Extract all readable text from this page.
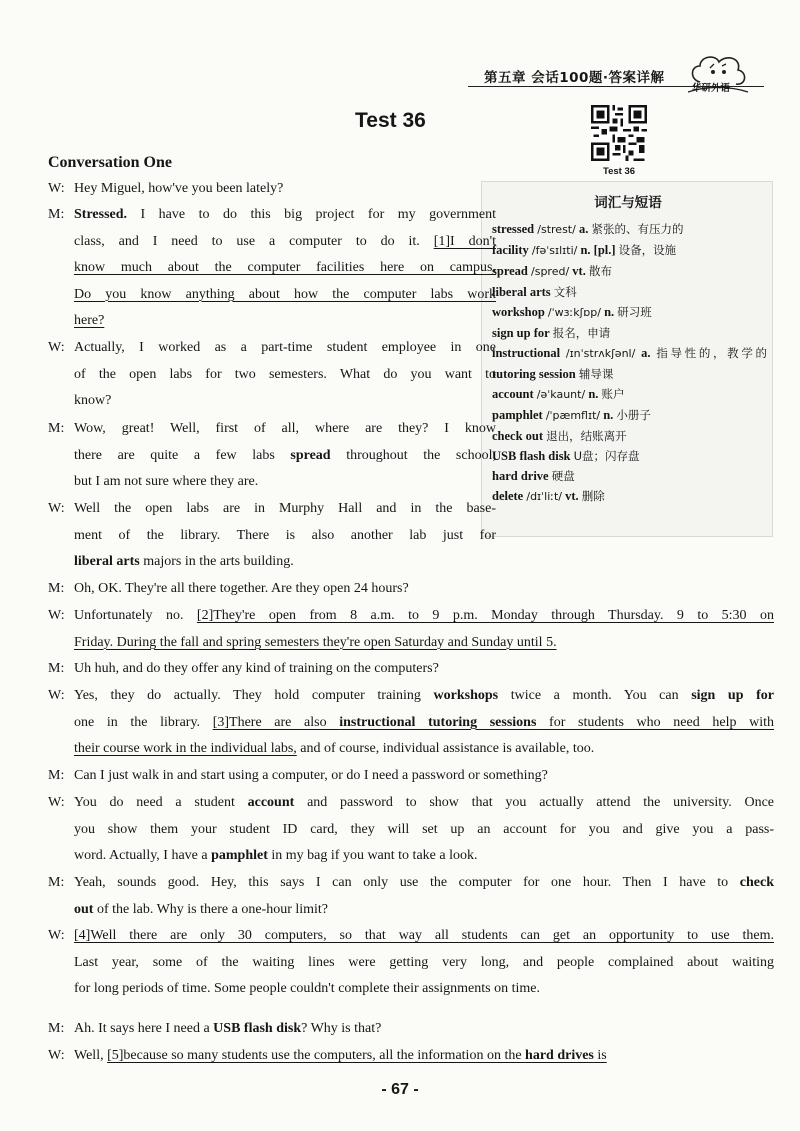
第五章 会话100题·答案详解
华研外语
Test 36
Test 36
Conversation One
词汇与短语
stressed /strest/ a. 紧张的、有压力的
facility /fəˈsɪlɪti/ n. [pl.] 设备，设施
spread /spred/ vt. 散布
liberal arts 文科
workshop /ˈwɜːkʃɒp/ n. 研习班
sign up for 报名，申请
instructional /ɪnˈstrʌkʃənl/ a. 指导性的，教学的
tutoring session 辅导课
account /əˈkaunt/ n. 账户
pamphlet /ˈpæmflɪt/ n. 小册子
check out 退出，结账离开
USB flash disk U盘；闪存盘
hard drive 硬盘
delete /dɪˈliːt/ vt. 删除
W: Hey Miguel, how've you been lately?
M: Stressed. I have to do this big project for my government
class, and I need to use a computer to do it. [1]I don't
know much about the computer facilities here on campus.
Do you know anything about how the computer labs work
here?
W: Actually, I worked as a part-time student employee in one
of the open labs for two semesters. What do you want to
know?
M: Wow, great! Well, first of all, where are they? I know
there are quite a few labs spread throughout the school,
but I am not sure where they are.
W: Well the open labs are in Murphy Hall and in the base-
ment of the library. There is also another lab just for
liberal arts majors in the arts building.
M: Oh, OK. They're all there together. Are they open 24 hours?
W: Unfortunately no. [2]They're open from 8 a.m. to 9 p.m. Monday through Thursday. 9 to 5:30 on
Friday. During the fall and spring semesters they're open Saturday and Sunday until 5.
M: Uh huh, and do they offer any kind of training on the computers?
W: Yes, they do actually. They hold computer training workshops twice a month. You can sign up for
one in the library. [3]There are also instructional tutoring sessions for students who need help with
their course work in the individual labs, and of course, individual assistance is available, too.
M: Can I just walk in and start using a computer, or do I need a password or something?
W: You do need a student account and password to show that you actually attend the university. Once
you show them your student ID card, they will set up an account for you and give you a pass-
word. Actually, I have a pamphlet in my bag if you want to take a look.
M: Yeah, sounds good. Hey, this says I can only use the computer for one hour. Then I have to check
out of the lab. Why is there a one-hour limit?
W: [4]Well there are only 30 computers, so that way all students can get an opportunity to use them.
Last year, some of the waiting lines were getting very long, and people complained about waiting
for long periods of time. Some people couldn't complete their assignments on time.
M: Ah. It says here I need a USB flash disk? Why is that?
W: Well, [5]because so many students use the computers, all the information on the hard drives is
- 67 -
